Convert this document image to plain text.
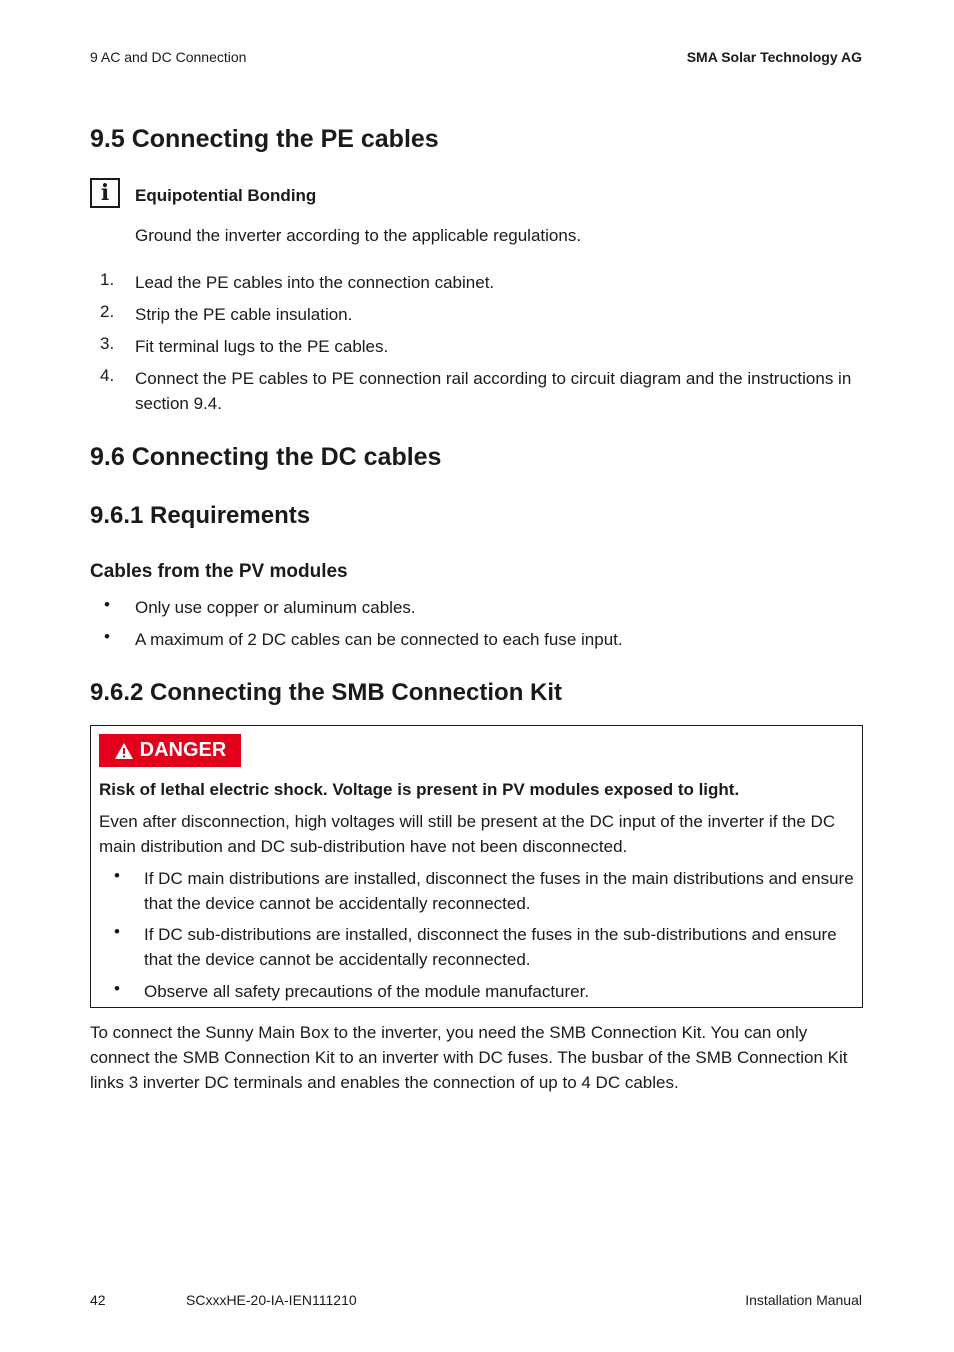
9 AC and DC Connection	SMA Solar Technology AG
9.5 Connecting the PE cables
i	Equipotential Bonding
Ground the inverter according to the applicable regulations.
1. Lead the PE cables into the connection cabinet.
2. Strip the PE cable insulation.
3. Fit terminal lugs to the PE cables.
4. Connect the PE cables to PE connection rail according to circuit diagram and the instructions in section 9.4.
9.6 Connecting the DC cables
9.6.1 Requirements
Cables from the PV modules
• Only use copper or aluminum cables.
• A maximum of 2 DC cables can be connected to each fuse input.
9.6.2 Connecting the SMB Connection Kit
DANGER
Risk of lethal electric shock. Voltage is present in PV modules exposed to light.
Even after disconnection, high voltages will still be present at the DC input of the inverter if the DC main distribution and DC sub-distribution have not been disconnected.
• If DC main distributions are installed, disconnect the fuses in the main distributions and ensure that the device cannot be accidentally reconnected.
• If DC sub-distributions are installed, disconnect the fuses in the sub-distributions and ensure that the device cannot be accidentally reconnected.
• Observe all safety precautions of the module manufacturer.
To connect the Sunny Main Box to the inverter, you need the SMB Connection Kit. You can only connect the SMB Connection Kit to an inverter with DC fuses. The busbar of the SMB Connection Kit links 3 inverter DC terminals and enables the connection of up to 4 DC cables.
42	SCxxxHE-20-IA-IEN111210	Installation Manual
